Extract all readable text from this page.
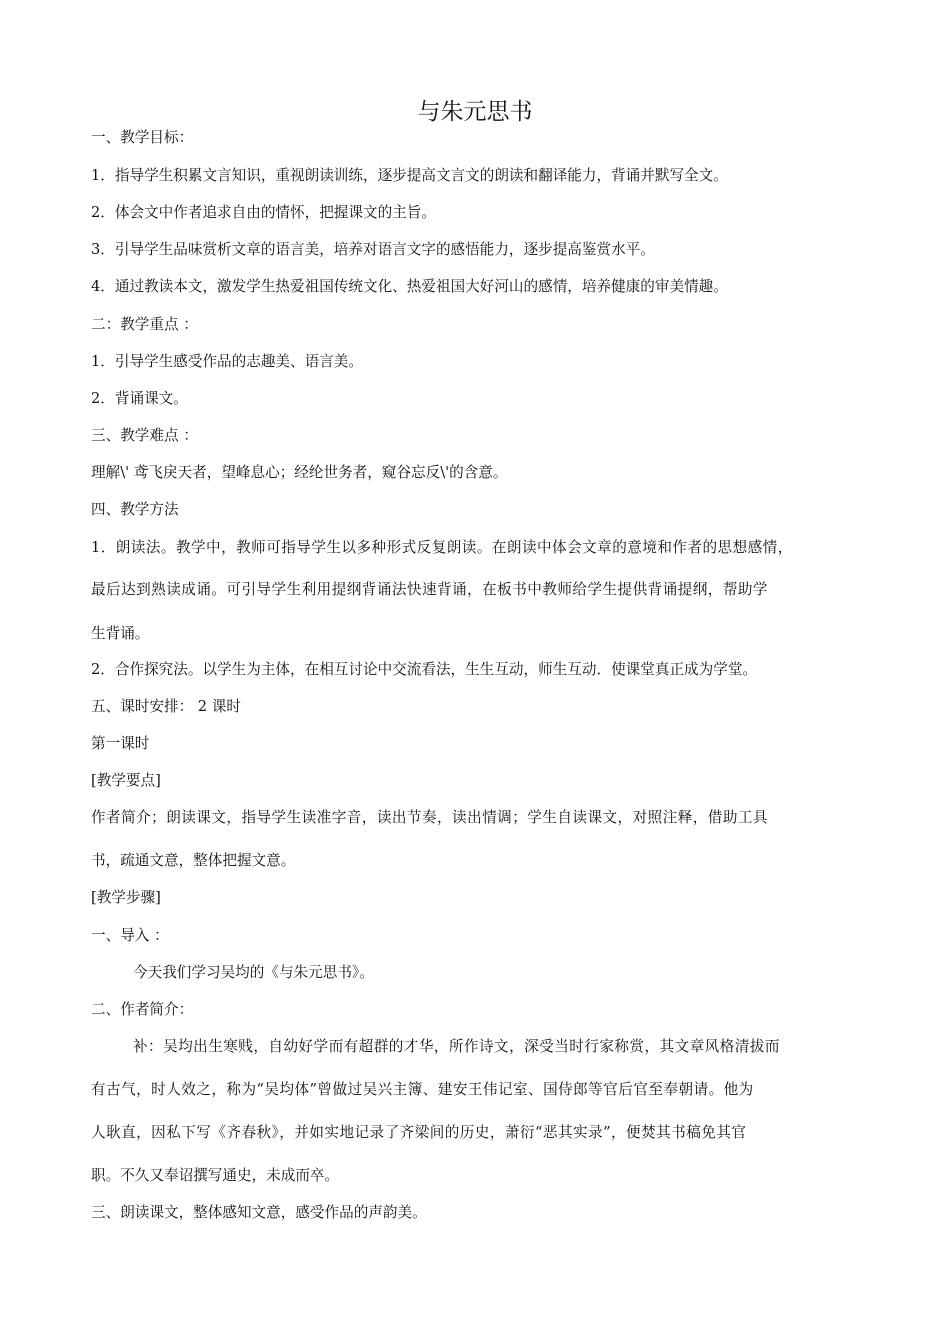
与朱元思书
一、教学目标：
1．指导学生积累文言知识，重视朗读训练，逐步提高文言文的朗读和翻译能力，背诵并默写全文。
2．体会文中作者追求自由的情怀，把握课文的主旨。
3．引导学生品味赏析文章的语言美，培养对语言文字的感悟能力，逐步提高鉴赏水平。
4．通过教读本文，激发学生热爱祖国传统文化、热爱祖国大好河山的感情，培养健康的审美情趣。
二：教学重点 ：
1．引导学生感受作品的志趣美、语言美。
2．背诵课文。
三、教学难点 ：
理解\' 鸢飞戾天者，望峰息心；经纶世务者，窥谷忘反\'的含意。
四、教学方法
1．朗读法。教学中，教师可指导学生以多种形式反复朗读。在朗读中体会文章的意境和作者的思想感情，
最后达到熟读成诵。可引导学生利用提纲背诵法快速背诵，在板书中教师给学生提供背诵提纲，帮助学
生背诵。
2．合作探究法。以学生为主体，在相互讨论中交流看法，生生互动，师生互动．使课堂真正成为学堂。
五、课时安排： 2 课时
第一课时
[教学要点]
作者简介；朗读课文，指导学生读准字音，读出节奏，读出情调；学生自读课文，对照注释，借助工具
书，疏通文意，整体把握文意。
[教学步骤]
一、导入 ：
今天我们学习吴均的《与朱元思书》。
二、作者简介：
补：吴均出生寒贱，自幼好学而有超群的才华，所作诗文，深受当时行家称赏，其文章风格清拔而
有古气，时人效之，称为“吴均体”曾做过吴兴主簿、建安王伟记室、国侍郎等官后官至奉朝请。他为
人耿直，因私下写《齐春秋》，并如实地记录了齐梁间的历史，萧衍“恶其实录”，便焚其书稿免其官
职。不久又奉诏撰写通史，未成而卒。
三、朗读课文，整体感知文意，感受作品的声韵美。
